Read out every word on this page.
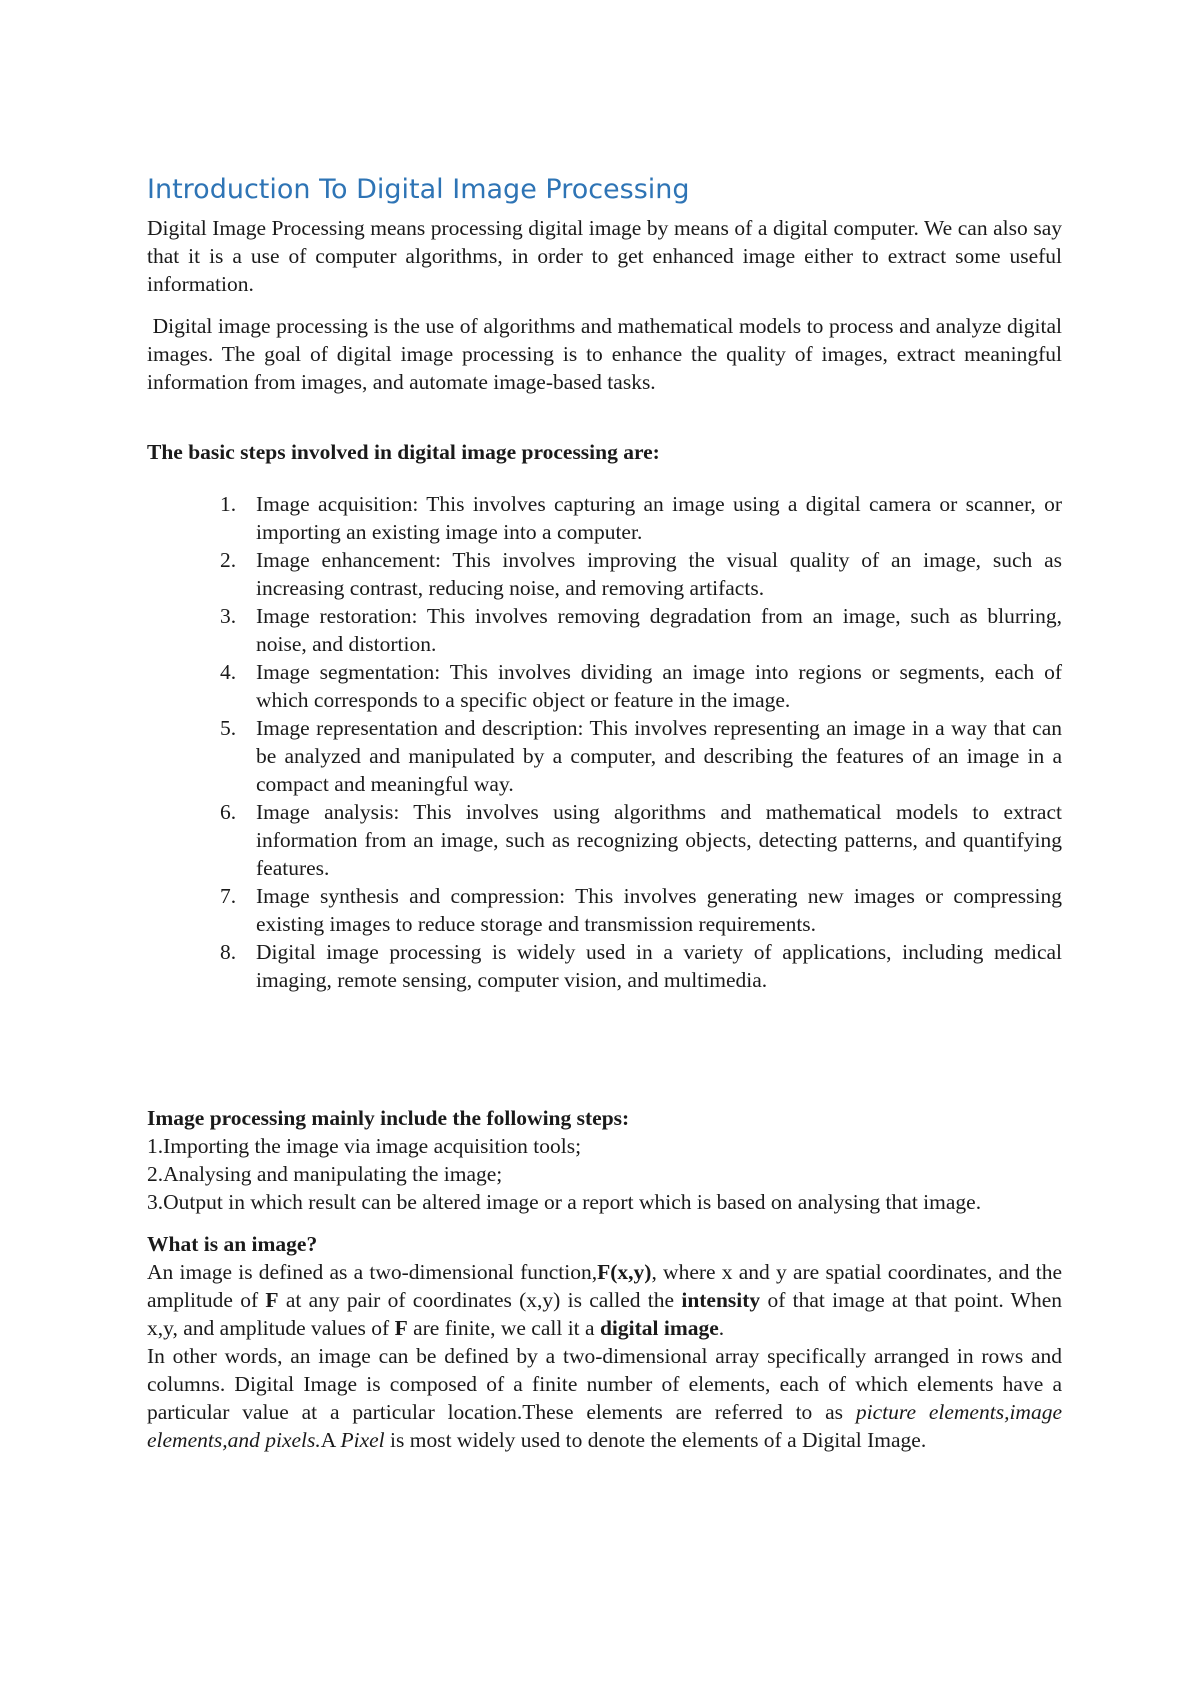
Introduction To Digital Image Processing

Digital Image Processing means processing digital image by means of a digital computer. We can also say that it is a use of computer algorithms, in order to get enhanced image either to extract some useful information.

Digital image processing is the use of algorithms and mathematical models to process and analyze digital images. The goal of digital image processing is to enhance the quality of images, extract meaningful information from images, and automate image-based tasks.

The basic steps involved in digital image processing are:

1. Image acquisition: This involves capturing an image using a digital camera or scanner, or importing an existing image into a computer.
2. Image enhancement: This involves improving the visual quality of an image, such as increasing contrast, reducing noise, and removing artifacts.
3. Image restoration: This involves removing degradation from an image, such as blurring, noise, and distortion.
4. Image segmentation: This involves dividing an image into regions or segments, each of which corresponds to a specific object or feature in the image.
5. Image representation and description: This involves representing an image in a way that can be analyzed and manipulated by a computer, and describing the features of an image in a compact and meaningful way.
6. Image analysis: This involves using algorithms and mathematical models to extract information from an image, such as recognizing objects, detecting patterns, and quantifying features.
7. Image synthesis and compression: This involves generating new images or compressing existing images to reduce storage and transmission requirements.
8. Digital image processing is widely used in a variety of applications, including medical imaging, remote sensing, computer vision, and multimedia.

Image processing mainly include the following steps:

1.Importing the image via image acquisition tools;
2.Analysing and manipulating the image;
3.Output in which result can be altered image or a report which is based on analysing that image.

What is an image?

An image is defined as a two-dimensional function,F(x,y), where x and y are spatial coordinates, and the amplitude of F at any pair of coordinates (x,y) is called the intensity of that image at that point. When x,y, and amplitude values of F are finite, we call it a digital image.

In other words, an image can be defined by a two-dimensional array specifically arranged in rows and columns. Digital Image is composed of a finite number of elements, each of which elements have a particular value at a particular location.These elements are referred to as picture elements,image elements,and pixels.A Pixel is most widely used to denote the elements of a Digital Image.
